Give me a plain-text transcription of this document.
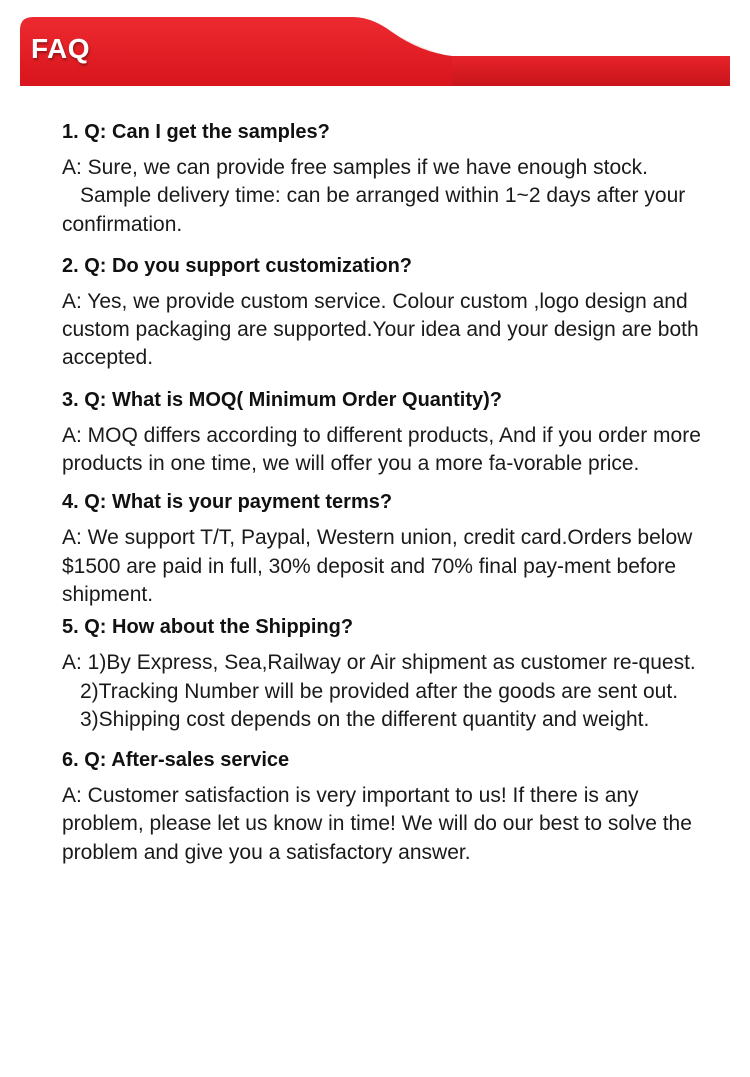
FAQ
1. Q: Can I get the samples?

A: Sure, we can provide free samples if we have enough stock.

Sample delivery time: can be arranged within 1~2 days after your confirmation.

2. Q: Do you support customization?

A: Yes, we provide custom service. Colour custom ,logo design and custom packaging are supported.Your idea and your design are both accepted.

3. Q: What is MOQ( Minimum Order Quantity)?

A: MOQ differs according to different products, And if you order more products in one time, we will offer you a more fa-vorable price.

4. Q: What is your payment terms?

A: We support T/T, Paypal, Western union, credit card.Orders below $1500 are paid in full, 30% deposit and 70% final pay-ment before shipment.

5. Q: How about the Shipping?

A: 1)By Express, Sea,Railway or Air shipment as customer re-quest.

2)Tracking Number will be provided after the goods are sent out.

3)Shipping cost depends on the different quantity and weight.

6. Q: After-sales service

A: Customer satisfaction is very important to us! If there is any problem, please let us know in time! We will do our best to solve the problem and give you a satisfactory answer.
